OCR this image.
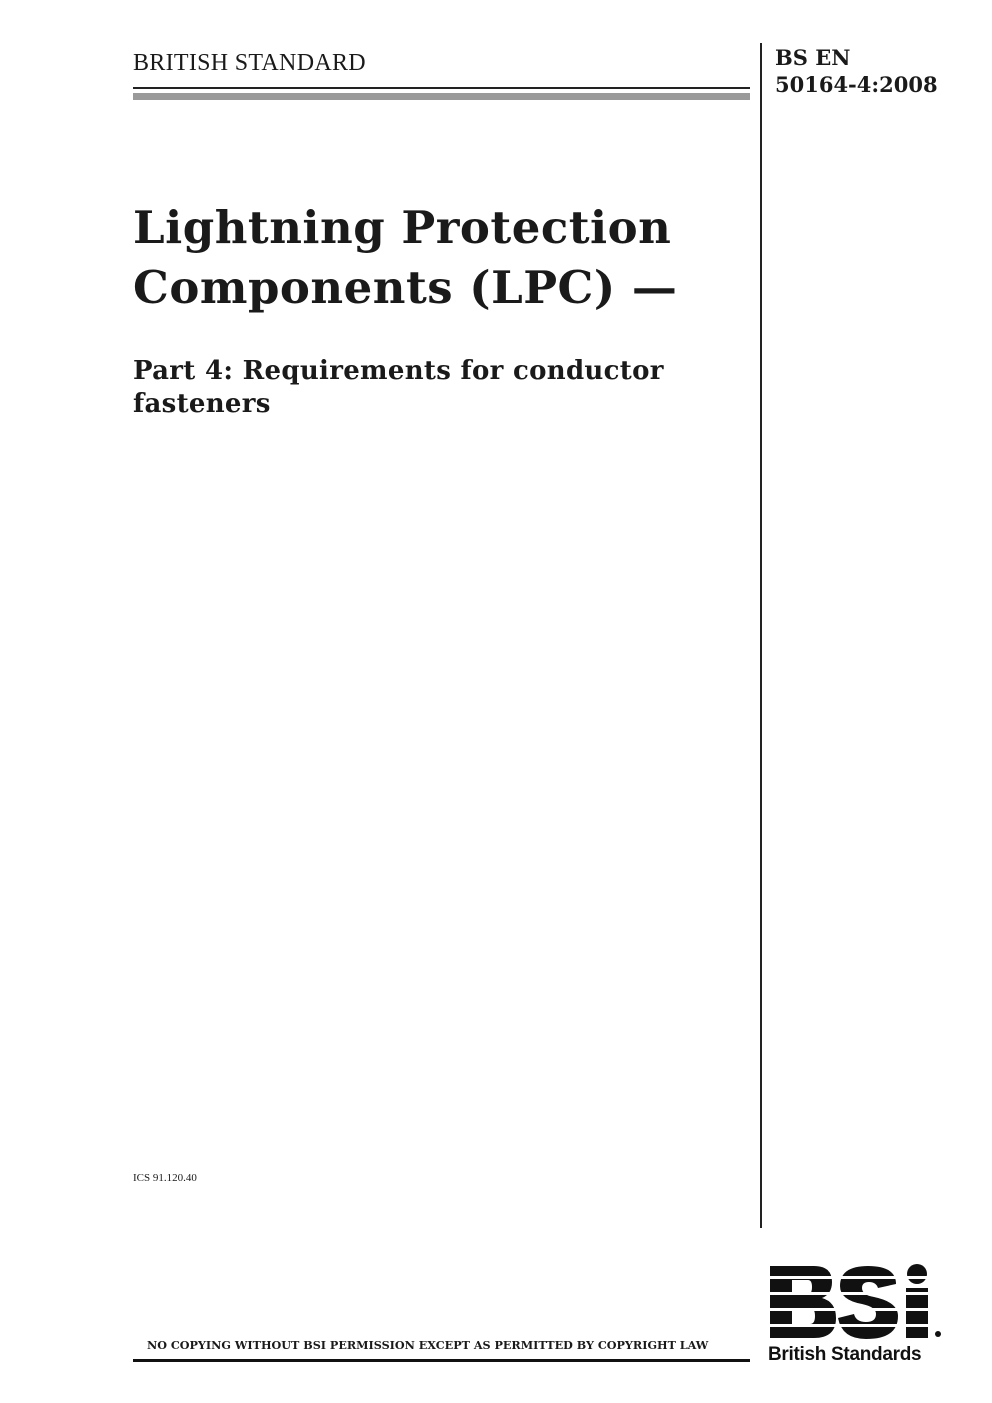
BRITISH STANDARD	BS EN
50164-4:2008
Lightning Protection
Components (LPC) —
Part 4: Requirements for conductor
fasteners
ICS 91.120.40
NO COPYING WITHOUT BSI PERMISSION EXCEPT AS PERMITTED BY COPYRIGHT LAW	British Standards
